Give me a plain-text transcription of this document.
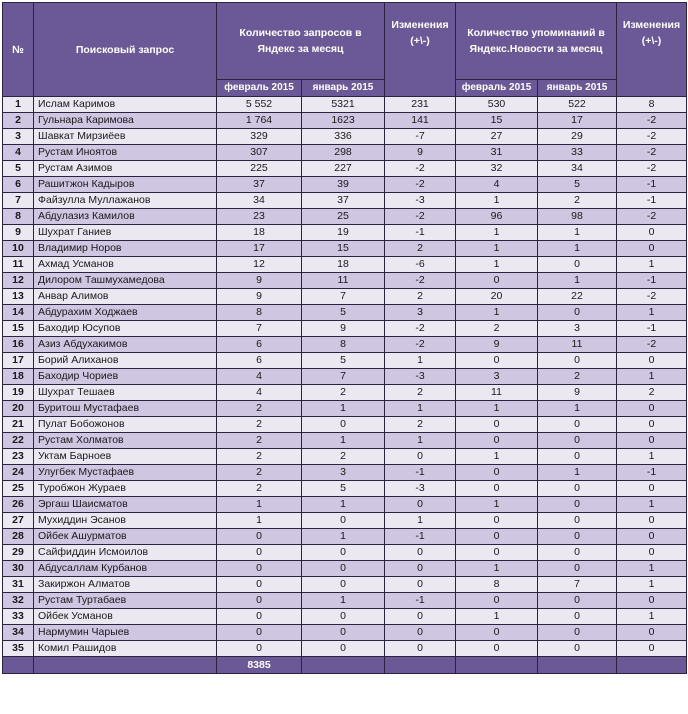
№	Поисковый запрос	Количество запросов в Яндекс за месяц		Изменения (+\-)	Количество упоминаний в Яндекс.Новости за месяц		Изменения (+\-)
		февраль 2015	январь 2015		февраль 2015	январь 2015	
1	Ислам Каримов	5 552	5321	231	530	522	8
2	Гульнара Каримова	1 764	1623	141	15	17	-2
3	Шавкат Мирзиёев	329	336	-7	27	29	-2
4	Рустам Иноятов	307	298	9	31	33	-2
5	Рустам Азимов	225	227	-2	32	34	-2
6	Рашитжон Кадыров	37	39	-2	4	5	-1
7	Файзулла Муллажанов	34	37	-3	1	2	-1
8	Абдулазиз Камилов	23	25	-2	96	98	-2
9	Шухрат Ганиев	18	19	-1	1	1	0
10	Владимир Норов	17	15	2	1	1	0
11	Ахмад Усманов	12	18	-6	1	0	1
12	Дилором Ташмухамедова	9	11	-2	0	1	-1
13	Анвар Алимов	9	7	2	20	22	-2
14	Абдурахим Ходжаев	8	5	3	1	0	1
15	Баходир Юсупов	7	9	-2	2	3	-1
16	Азиз Абдухакимов	6	8	-2	9	11	-2
17	Борий Алиханов	6	5	1	0	0	0
18	Баходир Чориев	4	7	-3	3	2	1
19	Шухрат Тешаев	4	2	2	11	9	2
20	Буритош Мустафаев	2	1	1	1	1	0
21	Пулат Бобожонов	2	0	2	0	0	0
22	Рустам Холматов	2	1	1	0	0	0
23	Уктам Барноев	2	2	0	1	0	1
24	Улугбек Мустафаев	2	3	-1	0	1	-1
25	Туробжон Жураев	2	5	-3	0	0	0
26	Эргаш Шаисматов	1	1	0	1	0	1
27	Мухиддин Эсанов	1	0	1	0	0	0
28	Ойбек Ашурматов	0	1	-1	0	0	0
29	Сайфиддин Исмоилов	0	0	0	0	0	0
30	Абдусаллам Курбанов	0	0	0	1	0	1
31	Закиржон Алматов	0	0	0	8	7	1
32	Рустам Туртабаев	0	1	-1	0	0	0
33	Ойбек Усманов	0	0	0	1	0	1
34	Нармумин Чарыев	0	0	0	0	0	0
35	Комил Рашидов	0	0	0	0	0	0
		8385					
